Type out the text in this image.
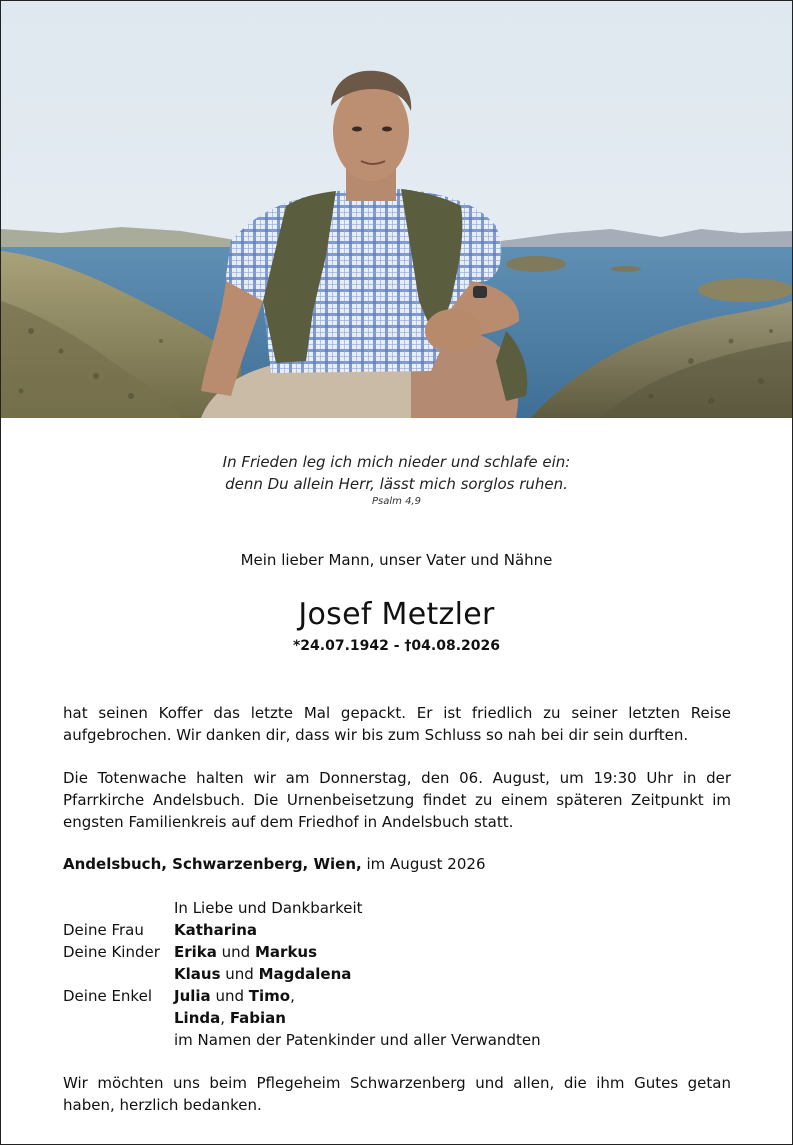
In Frieden leg ich mich nieder und schlafe ein:
denn Du allein Herr, lässt mich sorglos ruhen.
Psalm 4,9
Mein lieber Mann, unser Vater und Nähne
Josef Metzler
*24.07.1942 - †04.08.2026
hat seinen Koffer das letzte Mal gepackt. Er ist friedlich zu seiner letzten Reise aufgebrochen. Wir danken dir, dass wir bis zum Schluss so nah bei dir sein durften.
Die Totenwache halten wir am Donnerstag, den 06. August, um 19:30 Uhr in der Pfarrkirche Andelsbuch. Die Urnenbeisetzung findet zu einem späteren Zeitpunkt im engsten Familienkreis auf dem Friedhof in Andelsbuch statt.
Andelsbuch, Schwarzenberg, Wien, im August 2026
In Liebe und Dankbarkeit
Deine Frau	Katharina
Deine Kinder Erika und Markus
Klaus und Magdalena
Deine Enkel	Julia und Timo,
Linda, Fabian
im Namen der Patenkinder und aller Verwandten
Wir möchten uns beim Pflegeheim Schwarzenberg und allen, die ihm Gutes getan haben, herzlich bedanken.
